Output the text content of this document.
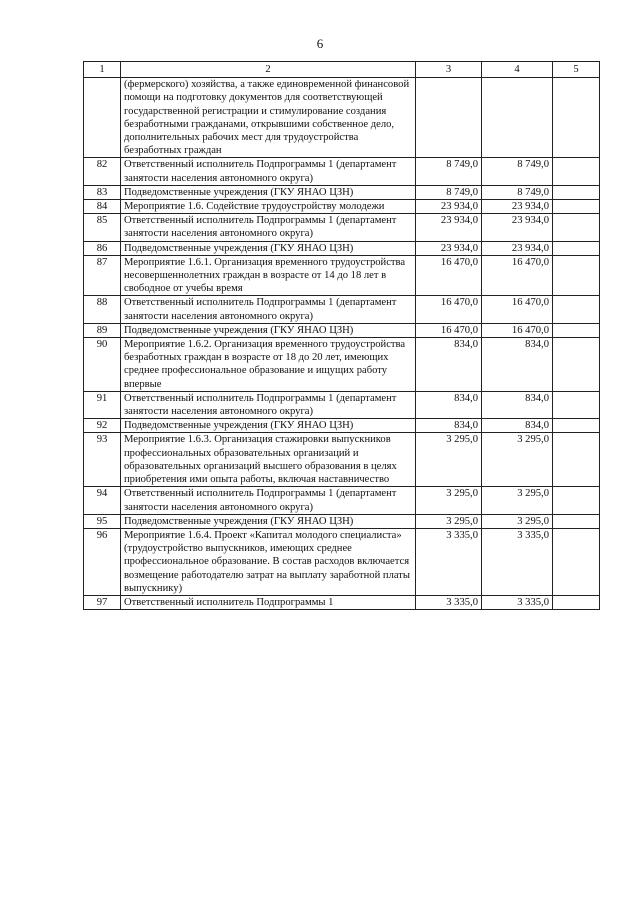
6
1	2	3	4	5
	(фермерского) хозяйства, а также единовременной финансовой помощи на подготовку документов для соответствующей государственной регистрации и стимулирование создания безработными гражданами, открывшими собственное дело, дополнительных рабочих мест для трудоустройства безработных граждан			
82	Ответственный исполнитель Подпрограммы 1 (департамент занятости населения автономного округа)	8 749,0	8 749,0	
83	Подведомственные учреждения (ГКУ ЯНАО ЦЗН)	8 749,0	8 749,0	
84	Мероприятие 1.6. Содействие трудоустройству молодежи	23 934,0	23 934,0	
85	Ответственный исполнитель Подпрограммы 1 (департамент занятости населения автономного округа)	23 934,0	23 934,0	
86	Подведомственные учреждения (ГКУ ЯНАО ЦЗН)	23 934,0	23 934,0	
87	Мероприятие 1.6.1. Организация временного трудоустройства несовершеннолетних граждан в возрасте от 14 до 18 лет в свободное от учебы время	16 470,0	16 470,0	
88	Ответственный исполнитель Подпрограммы 1 (департамент занятости населения автономного округа)	16 470,0	16 470,0	
89	Подведомственные учреждения (ГКУ ЯНАО ЦЗН)	16 470,0	16 470,0	
90	Мероприятие 1.6.2. Организация временного трудоустройства безработных граждан в возрасте от 18 до 20 лет, имеющих среднее профессиональное образование и ищущих работу впервые	834,0	834,0	
91	Ответственный исполнитель Подпрограммы 1 (департамент занятости населения автономного округа)	834,0	834,0	
92	Подведомственные учреждения (ГКУ ЯНАО ЦЗН)	834,0	834,0	
93	Мероприятие 1.6.3. Организация стажировки выпускников профессиональных образовательных организаций и образовательных организаций высшего образования в целях приобретения ими опыта работы, включая наставничество	3 295,0	3 295,0	
94	Ответственный исполнитель Подпрограммы 1 (департамент занятости населения автономного округа)	3 295,0	3 295,0	
95	Подведомственные учреждения (ГКУ ЯНАО ЦЗН)	3 295,0	3 295,0	
96	Мероприятие 1.6.4. Проект «Капитал молодого специалиста» (трудоустройство выпускников, имеющих среднее профессиональное образование. В состав расходов включается возмещение работодателю затрат на выплату заработной платы выпускнику)	3 335,0	3 335,0	
97	Ответственный исполнитель Подпрограммы 1	3 335,0	3 335,0	
